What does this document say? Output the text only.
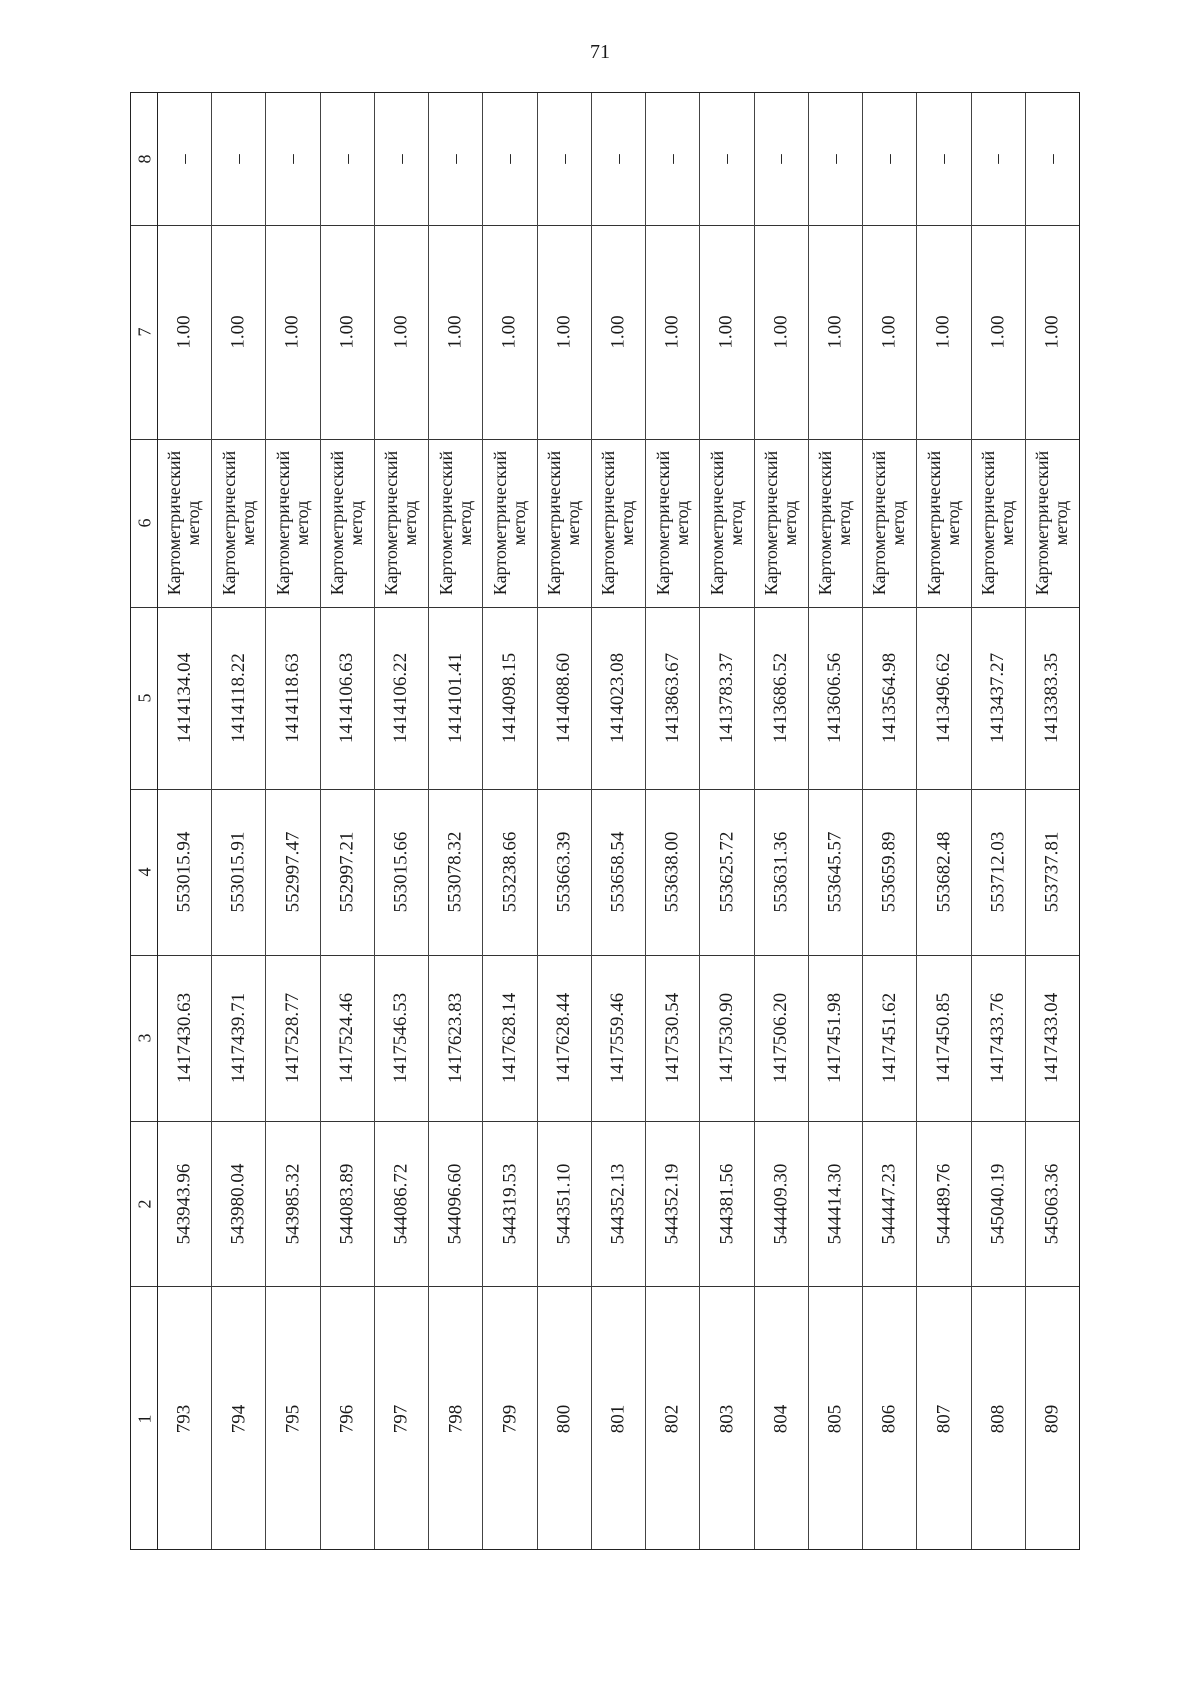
71
8
7
6
5
4
3
2
1
–
1.00
Картометрический
метод
1414134.04
553015.94
1417430.63
543943.96
793
–
1.00
Картометрический
метод
1414118.22
553015.91
1417439.71
543980.04
794
–
1.00
Картометрический
метод
1414118.63
552997.47
1417528.77
543985.32
795
–
1.00
Картометрический
метод
1414106.63
552997.21
1417524.46
544083.89
796
–
1.00
Картометрический
метод
1414106.22
553015.66
1417546.53
544086.72
797
–
1.00
Картометрический
метод
1414101.41
553078.32
1417623.83
544096.60
798
–
1.00
Картометрический
метод
1414098.15
553238.66
1417628.14
544319.53
799
–
1.00
Картометрический
метод
1414088.60
553663.39
1417628.44
544351.10
800
–
1.00
Картометрический
метод
1414023.08
553658.54
1417559.46
544352.13
801
–
1.00
Картометрический
метод
1413863.67
553638.00
1417530.54
544352.19
802
–
1.00
Картометрический
метод
1413783.37
553625.72
1417530.90
544381.56
803
–
1.00
Картометрический
метод
1413686.52
553631.36
1417506.20
544409.30
804
–
1.00
Картометрический
метод
1413606.56
553645.57
1417451.98
544414.30
805
–
1.00
Картометрический
метод
1413564.98
553659.89
1417451.62
544447.23
806
–
1.00
Картометрический
метод
1413496.62
553682.48
1417450.85
544489.76
807
–
1.00
Картометрический
метод
1413437.27
553712.03
1417433.76
545040.19
808
–
1.00
Картометрический
метод
1413383.35
553737.81
1417433.04
545063.36
809
